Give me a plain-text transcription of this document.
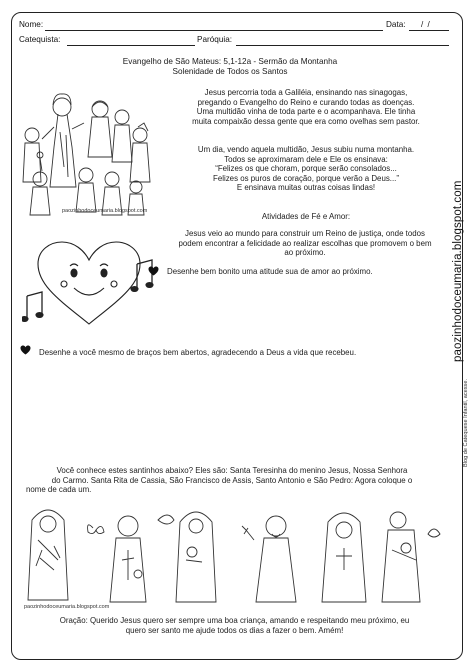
Nome:	Data: / /
Catequista:	Paróquia:
Evangelho de São Mateus: 5,1-12a - Sermão da Montanha
Solenidade de Todos os Santos
paozinhodoceumaria.blogspot.com

Jesus percorria toda a Galiléia, ensinando nas sinagogas,

pregando o Evangelho do Reino e curando todas as doenças.

Uma multidão vinha de toda parte e o acompanhava. Ele tinha

muita compaixão dessa gente que era como ovelhas sem pastor.

Um dia, vendo aquela multidão, Jesus subiu numa montanha.

Todos se aproximaram dele e Ele os ensinava:

“Felizes os que choram, porque serão consolados...

Felizes os puros de coração, porque verão a Deus...”

E ensinava muitas outras coisas lindas!

Atividades de Fé e Amor:

Jesus veio ao mundo para construir um Reino de justiça, onde todos

podem encontrar a felicidade ao realizar escolhas que promovem o bem

ao próximo.

Desenhe bem bonito uma atitude sua de amor ao próximo.
Desenhe a você mesmo de braços bem abertos, agradecendo a Deus a vida que recebeu.
Você conhece estes santinhos abaixo? Eles são: Santa Teresinha do menino Jesus, Nossa Senhora
do Carmo. Santa Rita de Cassia, São Francisco de Assis, Santo Antonio e São Pedro: Agora coloque o
nome de cada um.
paozinhodoceumaria.blogspot.com
Oração: Querido Jesus quero ser sempre uma boa criança, amando e respeitando meu próximo, eu
quero ser santo me ajude todos os dias a fazer o bem. Amém!
paozinhodoceumaria.blogspot.com
Blog de Catequese Infantil, acesse.
